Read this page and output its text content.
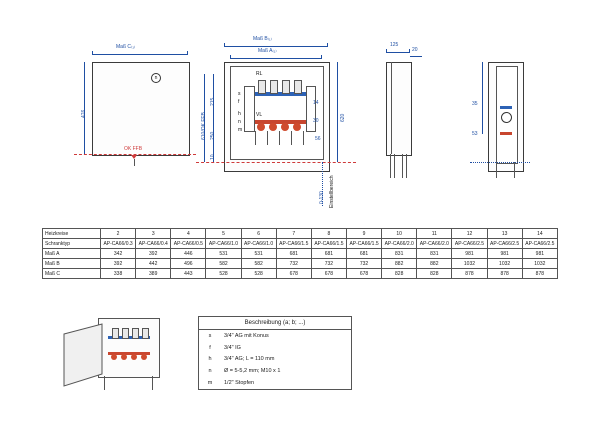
Maß C₍₁₎
476
n
OK FFB
RL
VL
s
f
h
n
m
Maß B₍₁₎
Maß A₍₁₎
215
250
10
610/OK FFB	620
14
30
56
0-130 Einstellbereich
125
20
35
53
Heizkreise	2	3	4	5	6	7	8	9	10	11	12	13	14
Schranktyp	AP-CA66/0.3	AP-CA66/0.4	AP-CA66/0.5	AP-CA66/1.0	AP-CA66/1.0	AP-CA66/1.5	AP-CA66/1.5	AP-CA66/1.5	AP-CA66/2.0	AP-CA66/2.0	AP-CA66/2.5	AP-CA66/2.5	AP-CA66/2.5
Maß A	342	392	446	531	531	681	681	681	831	831	981	981	981
Maß B	392	442	496	582	582	732	732	732	882	882	1032	1032	1032
Maß C	338	389	443	528	528	678	678	678	828	828	878	878	878
Beschreibung (a; b; ...)	
s	3/4" AG mit Konus
f	3/4" IG
h	3/4" AG; L = 110 mm
n	Ø = 5-5,2 mm; M10 x 1
m	1/2" Stopfen
